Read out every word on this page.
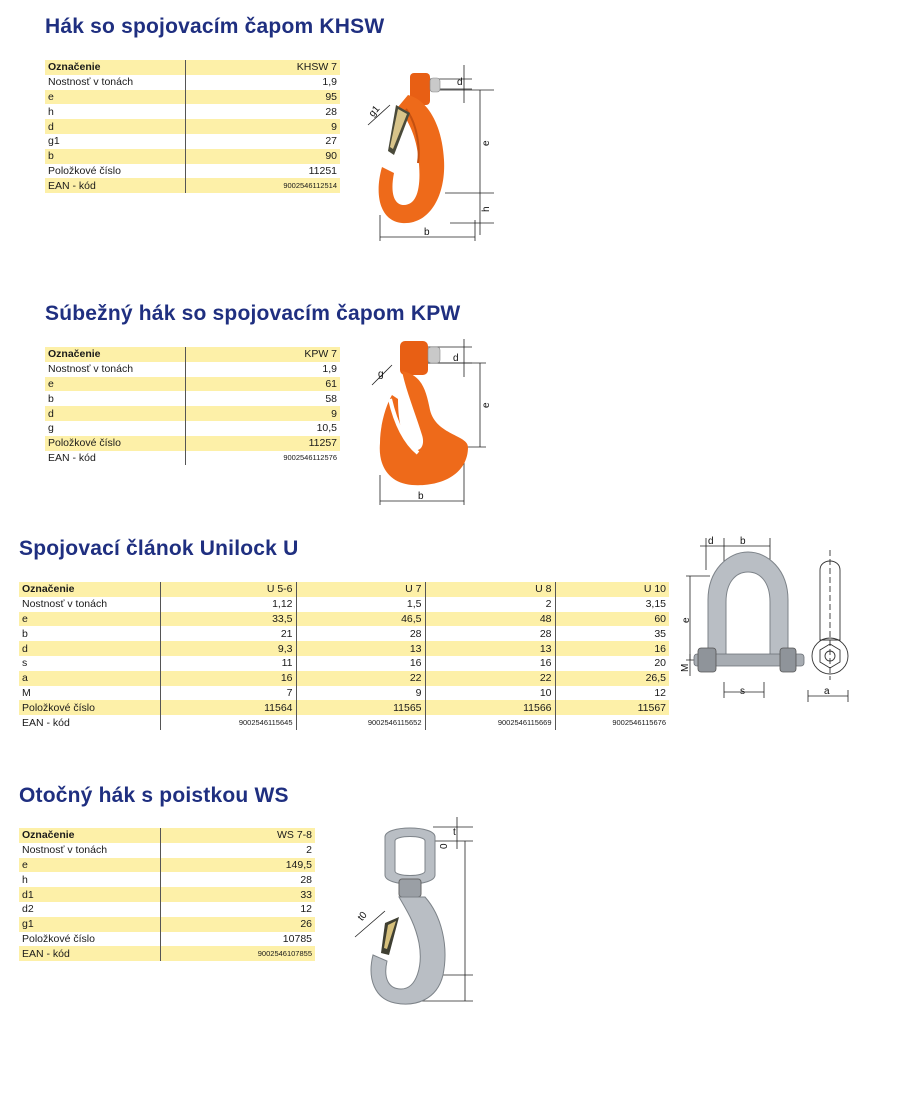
Hák so spojovacím čapom KHSW
Označenie	KHSW 7
Nostnosť v tonách	1,9
e	95
h	28
d	9
g1	27
b	90
Položkové číslo	11251
EAN - kód	9002546112514
d
g1
e
h
b
Súbežný hák so spojovacím čapom KPW
Označenie	KPW 7
Nostnosť v tonách	1,9
e	61
b	58
d	9
g	10,5
Položkové číslo	11257
EAN - kód	9002546112576
d
g
e
b
Spojovací článok Unilock U
Označenie	U 5-6	U 7	U 8	U 10
Nostnosť v tonách	1,12	1,5	2	3,15
e	33,5	46,5	48	60
b	21	28	28	35
d	9,3	13	13	16
s	11	16	16	20
a	16	22	22	26,5
M	7	9	10	12
Položkové číslo	11564	11565	11566	11567
EAN - kód	9002546115645	9002546115652	9002546115669	9002546115676
d	b
e
M
s	a
Otočný hák s poistkou WS
Označenie	WS 7-8
Nostnosť v tonách	2
e	149,5
h	28
d1	33
d2	12
g1	26
Položkové číslo	10785
EAN - kód	9002546107855
t
0
t0
